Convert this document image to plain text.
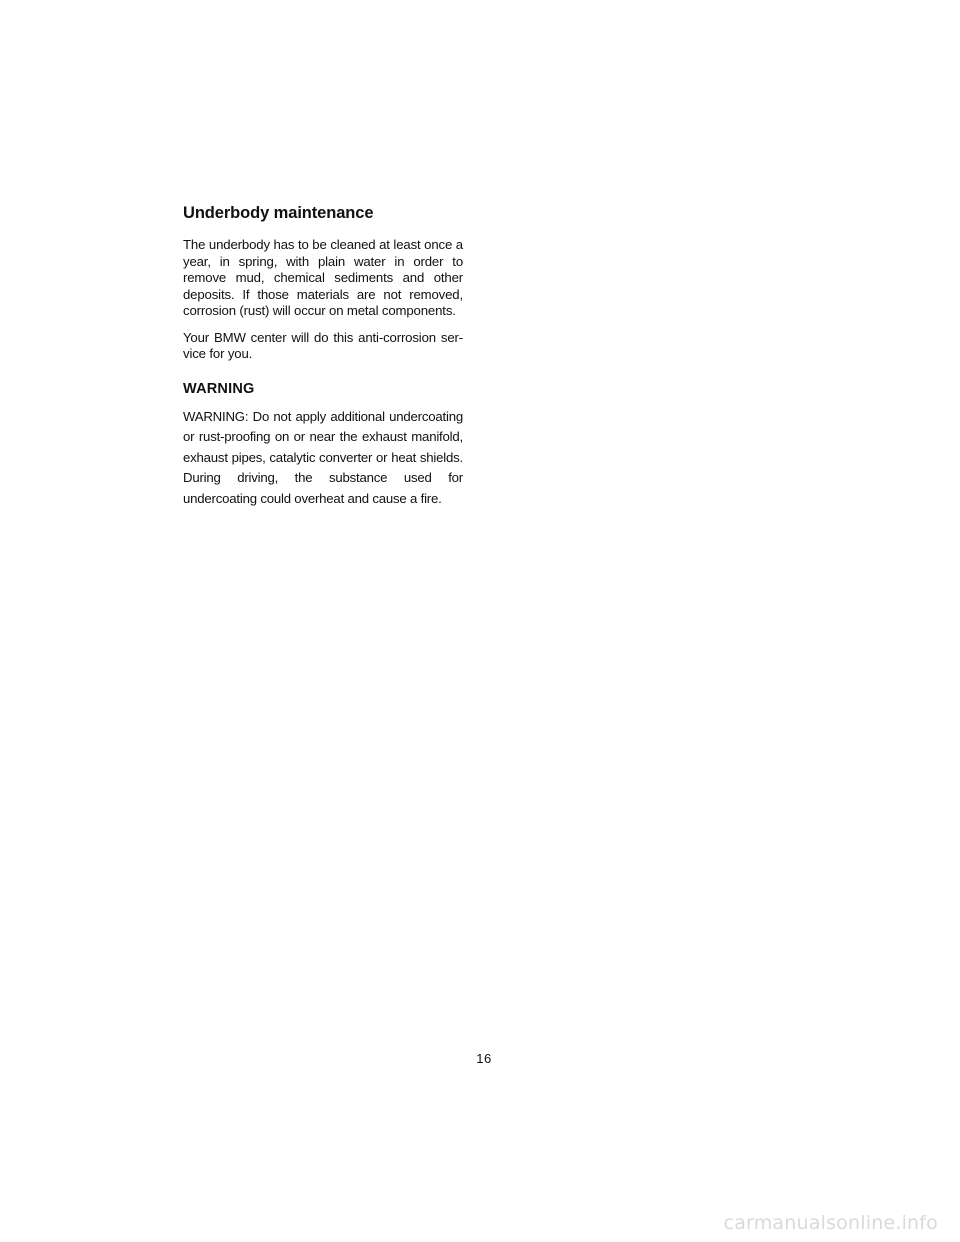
Underbody maintenance

The underbody has to be cleaned at least once a year, in spring, with plain water in order to remove mud, chemical sediments and other deposits. If those materials are not removed, corrosion (rust) will occur on metal components.

Your BMW center will do this anti-corrosion ser-vice for you.

WARNING

WARNING: Do not apply additional undercoating or rust-proofing on or near the exhaust manifold, exhaust pipes, catalytic converter or heat shields. During driving, the substance used for undercoating could overheat and cause a fire.

16
carmanualsonline.info
